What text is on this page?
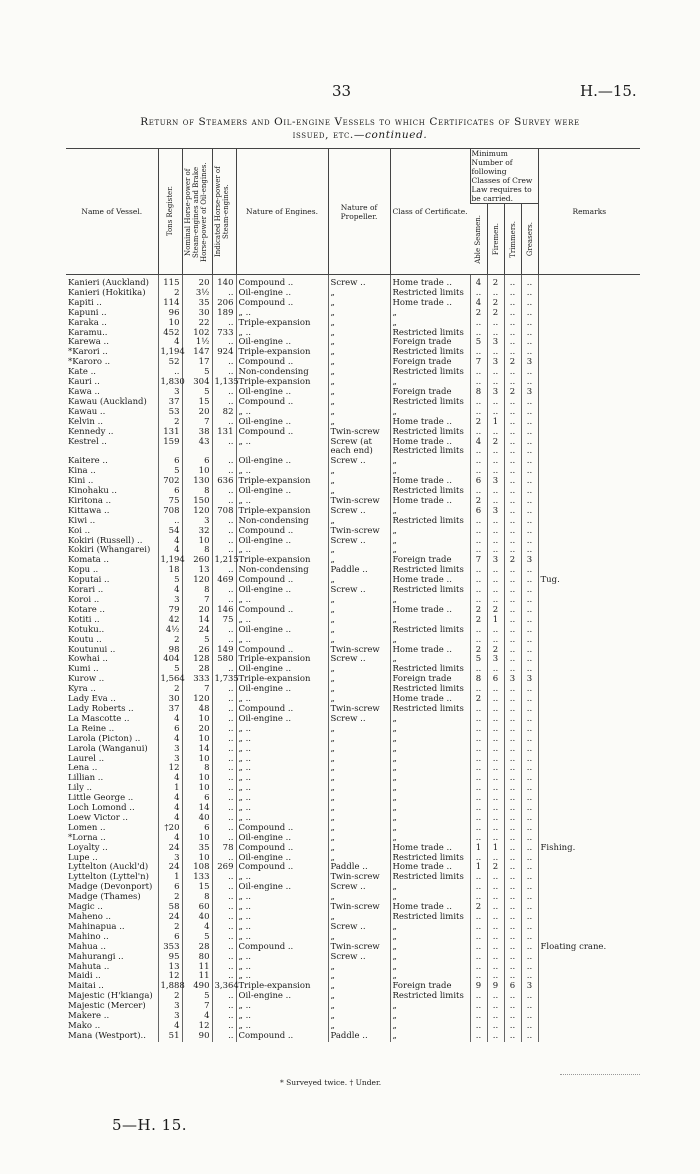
33	H.—15.
Return of Steamers and Oil-engine Vessels to which Certificates of Survey were
issued, etc.—continued.
Name of Vessel.	Tons Register.	Nominal Horse-power of Steam-engines and Brake Horse-power of Oil-engines.	Indicated Horse-power of Steam-engines.	Nature of Engines.	Nature of Propeller.	Class of Certificate.	Minimum Number of following Classes of Crew Law requires to be carried.				Remarks

							Able Seamen.	Firemen.	Trimmers.	Greasers.	

Kanieri (Auckland)	115	20	140	Compound ..	Screw ..	Home trade ..	4	2	..	..	
Kanieri (Hokitika)	2	3½	..	Oil-engine ..	„	Restricted limits	..	..	..	..	
Kapiti ..	114	35	206	Compound ..	„	Home trade ..	4	2	..	..	
Kapuni ..	96	30	189	„ ..	„	„	2	2	..	..	
Karaka ..	10	22	..	Triple-expansion	„	„	..	..	..	..	
Karamu..	452	102	733	„ ..	„	Restricted limits	..	..	..	..	
Karewa ..	4	1½	..	Oil-engine ..	„	Foreign trade	5	3	..	..	
*Karori ..	1,194	147	924	Triple-expansion	„	Restricted limits	..	..	..	..	
*Karoro ..	52	17	..	Compound ..	„	Foreign trade	7	3	2	3	
Kate ..	..	5	..	Non-condensing	„	Restricted limits	..	..	..	..	
Kauri ..	1,830	304	1,135	Triple-expansion	„	„	..	..	..	..	
Kawa ..	3	5	..	Oil-engine ..	„	Foreign trade	8	3	2	3	
Kawau (Auckland)	37	15	..	Compound ..	„	Restricted limits	..	..	..	..	
Kawau ..	53	20	82	„ ..	„	„	..	..	..	..	
Kelvin ..	2	7	..	Oil-engine ..	„	Home trade ..	2	1	..	..	
Kennedy ..	131	38	131	Compound ..	Twin-screw	Restricted limits	..	..	..	..	
Kestrel ..	159	43	..	„ ..	Screw (at	Home trade ..	4	2	..	..	
					each end)	Restricted limits	..	..	..	..	
Kaitere ..	6	6	..	Oil-engine ..	Screw ..	„	..	..	..	..	
Kina ..	5	10	..	„ ..	„	„	..	..	..	..	
Kini ..	702	130	636	Triple-expansion	„	Home trade ..	6	3	..	..	
Kinohaku ..	6	8	..	Oil-engine ..	„	Restricted limits	..	..	..	..	
Kiritona ..	75	150	..	„ ..	Twin-screw	Home trade ..	2	..	..	..	
Kittawa ..	708	120	708	Triple-expansion	Screw ..	„	6	3	..	..	
Kiwi ..	..	3	..	Non-condensing	„	Restricted limits	..	..	..	..	
Koi ..	54	32	..	Compound ..	Twin-screw	„	..	..	..	..	
Kokiri (Russell) ..	4	10	..	Oil-engine ..	Screw ..	„	..	..	..	..	
Kokiri (Whangarei)	4	8	..	„ ..	„	„	..	..	..	..	
Komata ..	1,194	260	1,215	Triple-expansion	„	Foreign trade	7	3	2	3	
Kopu ..	18	13	..	Non-condensing	Paddle ..	Restricted limits	..	..	..	..	
Koputai ..	5	120	469	Compound ..	„	Home trade ..	..	..	..	..	Tug.
Korari ..	4	8	..	Oil-engine ..	Screw ..	Restricted limits	..	..	..	..	
Koroi ..	3	7	..	„ ..	„	„	..	..	..	..	
Kotare ..	79	20	146	Compound ..	„	Home trade ..	2	2	..	..	
Kotiti ..	42	14	75	„ ..	„	„	2	1	..	..	
Kotuku..	4½	24	..	Oil-engine ..	„	Restricted limits	..	..	..	..	
Koutu ..	2	5	..	„ ..	„	„	..	..	..	..	
Koutunui ..	98	26	149	Compound ..	Twin-screw	Home trade ..	2	2	..	..	
Kowhai ..	404	128	580	Triple-expansion	Screw ..	„	5	3	..	..	
Kumi ..	5	28	..	Oil-engine ..	„	Restricted limits	..	..	..	..	
Kurow ..	1,564	333	1,735	Triple-expansion	„	Foreign trade	8	6	3	3	
Kyra ..	2	7	..	Oil-engine ..	„	Restricted limits	..	..	..	..	
Lady Eva ..	30	120	..	„ ..	„	Home trade ..	2	..	..	..	
Lady Roberts ..	37	48	..	Compound ..	Twin-screw	Restricted limits	..	..	..	..	
La Mascotte ..	4	10	..	Oil-engine ..	Screw ..	„	..	..	..	..	
La Reine ..	6	20	..	„ ..	„	„	..	..	..	..	
Larola (Picton) ..	4	10	..	„ ..	„	„	..	..	..	..	
Larola (Wanganui)	3	14	..	„ ..	„	„	..	..	..	..	
Laurel ..	3	10	..	„ ..	„	„	..	..	..	..	
Lena ..	12	8	..	„ ..	„	„	..	..	..	..	
Lillian ..	4	10	..	„ ..	„	„	..	..	..	..	
Lily ..	1	10	..	„ ..	„	„	..	..	..	..	
Little George ..	4	6	..	„ ..	„	„	..	..	..	..	
Loch Lomond ..	4	14	..	„ ..	„	„	..	..	..	..	
Loew Victor ..	4	40	..	„ ..	„	„	..	..	..	..	
Lomen ..	†20	6	..	Compound ..	„	„	..	..	..	..	
*Lorna ..	4	10	..	Oil-engine ..	„	„	..	..	..	..	
Loyalty ..	24	35	78	Compound ..	„	Home trade ..	1	1	..	..	Fishing.
Lupe ..	3	10	..	Oil-engine ..	„	Restricted limits	..	..	..	..	
Lyttelton (Auckl'd)	24	108	269	Compound ..	Paddle ..	Home trade ..	1	2	..	..	
Lyttelton (Lyttel'n)	1	133	..	„ ..	Twin-screw	Restricted limits	..	..	..	..	
Madge (Devonport)	6	15	..	Oil-engine ..	Screw ..	„	..	..	..	..	
Madge (Thames)	2	8	..	„ ..	„	„	..	..	..	..	
Magic ..	58	60	..	„ ..	Twin-screw	Home trade ..	2	..	..	..	
Maheno ..	24	40	..	„ ..	„	Restricted limits	..	..	..	..	
Mahinapua ..	2	4	..	„ ..	Screw ..	„	..	..	..	..	
Mahino ..	6	5	..	„ ..	„	„	..	..	..	..	
Mahua ..	353	28	..	Compound ..	Twin-screw	„	..	..	..	..	Floating crane.
Mahurangi ..	95	80	..	„ ..	Screw ..	„	..	..	..	..	
Mahuta ..	13	11	..	„ ..	„	„	..	..	..	..	
Maidi ..	12	11	..	„ ..	„	„	..	..	..	..	
Maitai ..	1,888	490	3,364	Triple-expansion	„	Foreign trade	9	9	6	3	
Majestic (H'kianga)	2	5	..	Oil-engine ..	„	Restricted limits	..	..	..	..	
Majestic (Mercer)	3	7	..	„ ..	„	„	..	..	..	..	
Makere ..	3	4	..	„ ..	„	„	..	..	..	..	
Mako ..	4	12	..	„ ..	„	„	..	..	..	..	
Mana (Westport)..	51	90	..	Compound ..	Paddle ..	„	..	..	..	..	
* Surveyed twice. † Under.
5—H. 15.
